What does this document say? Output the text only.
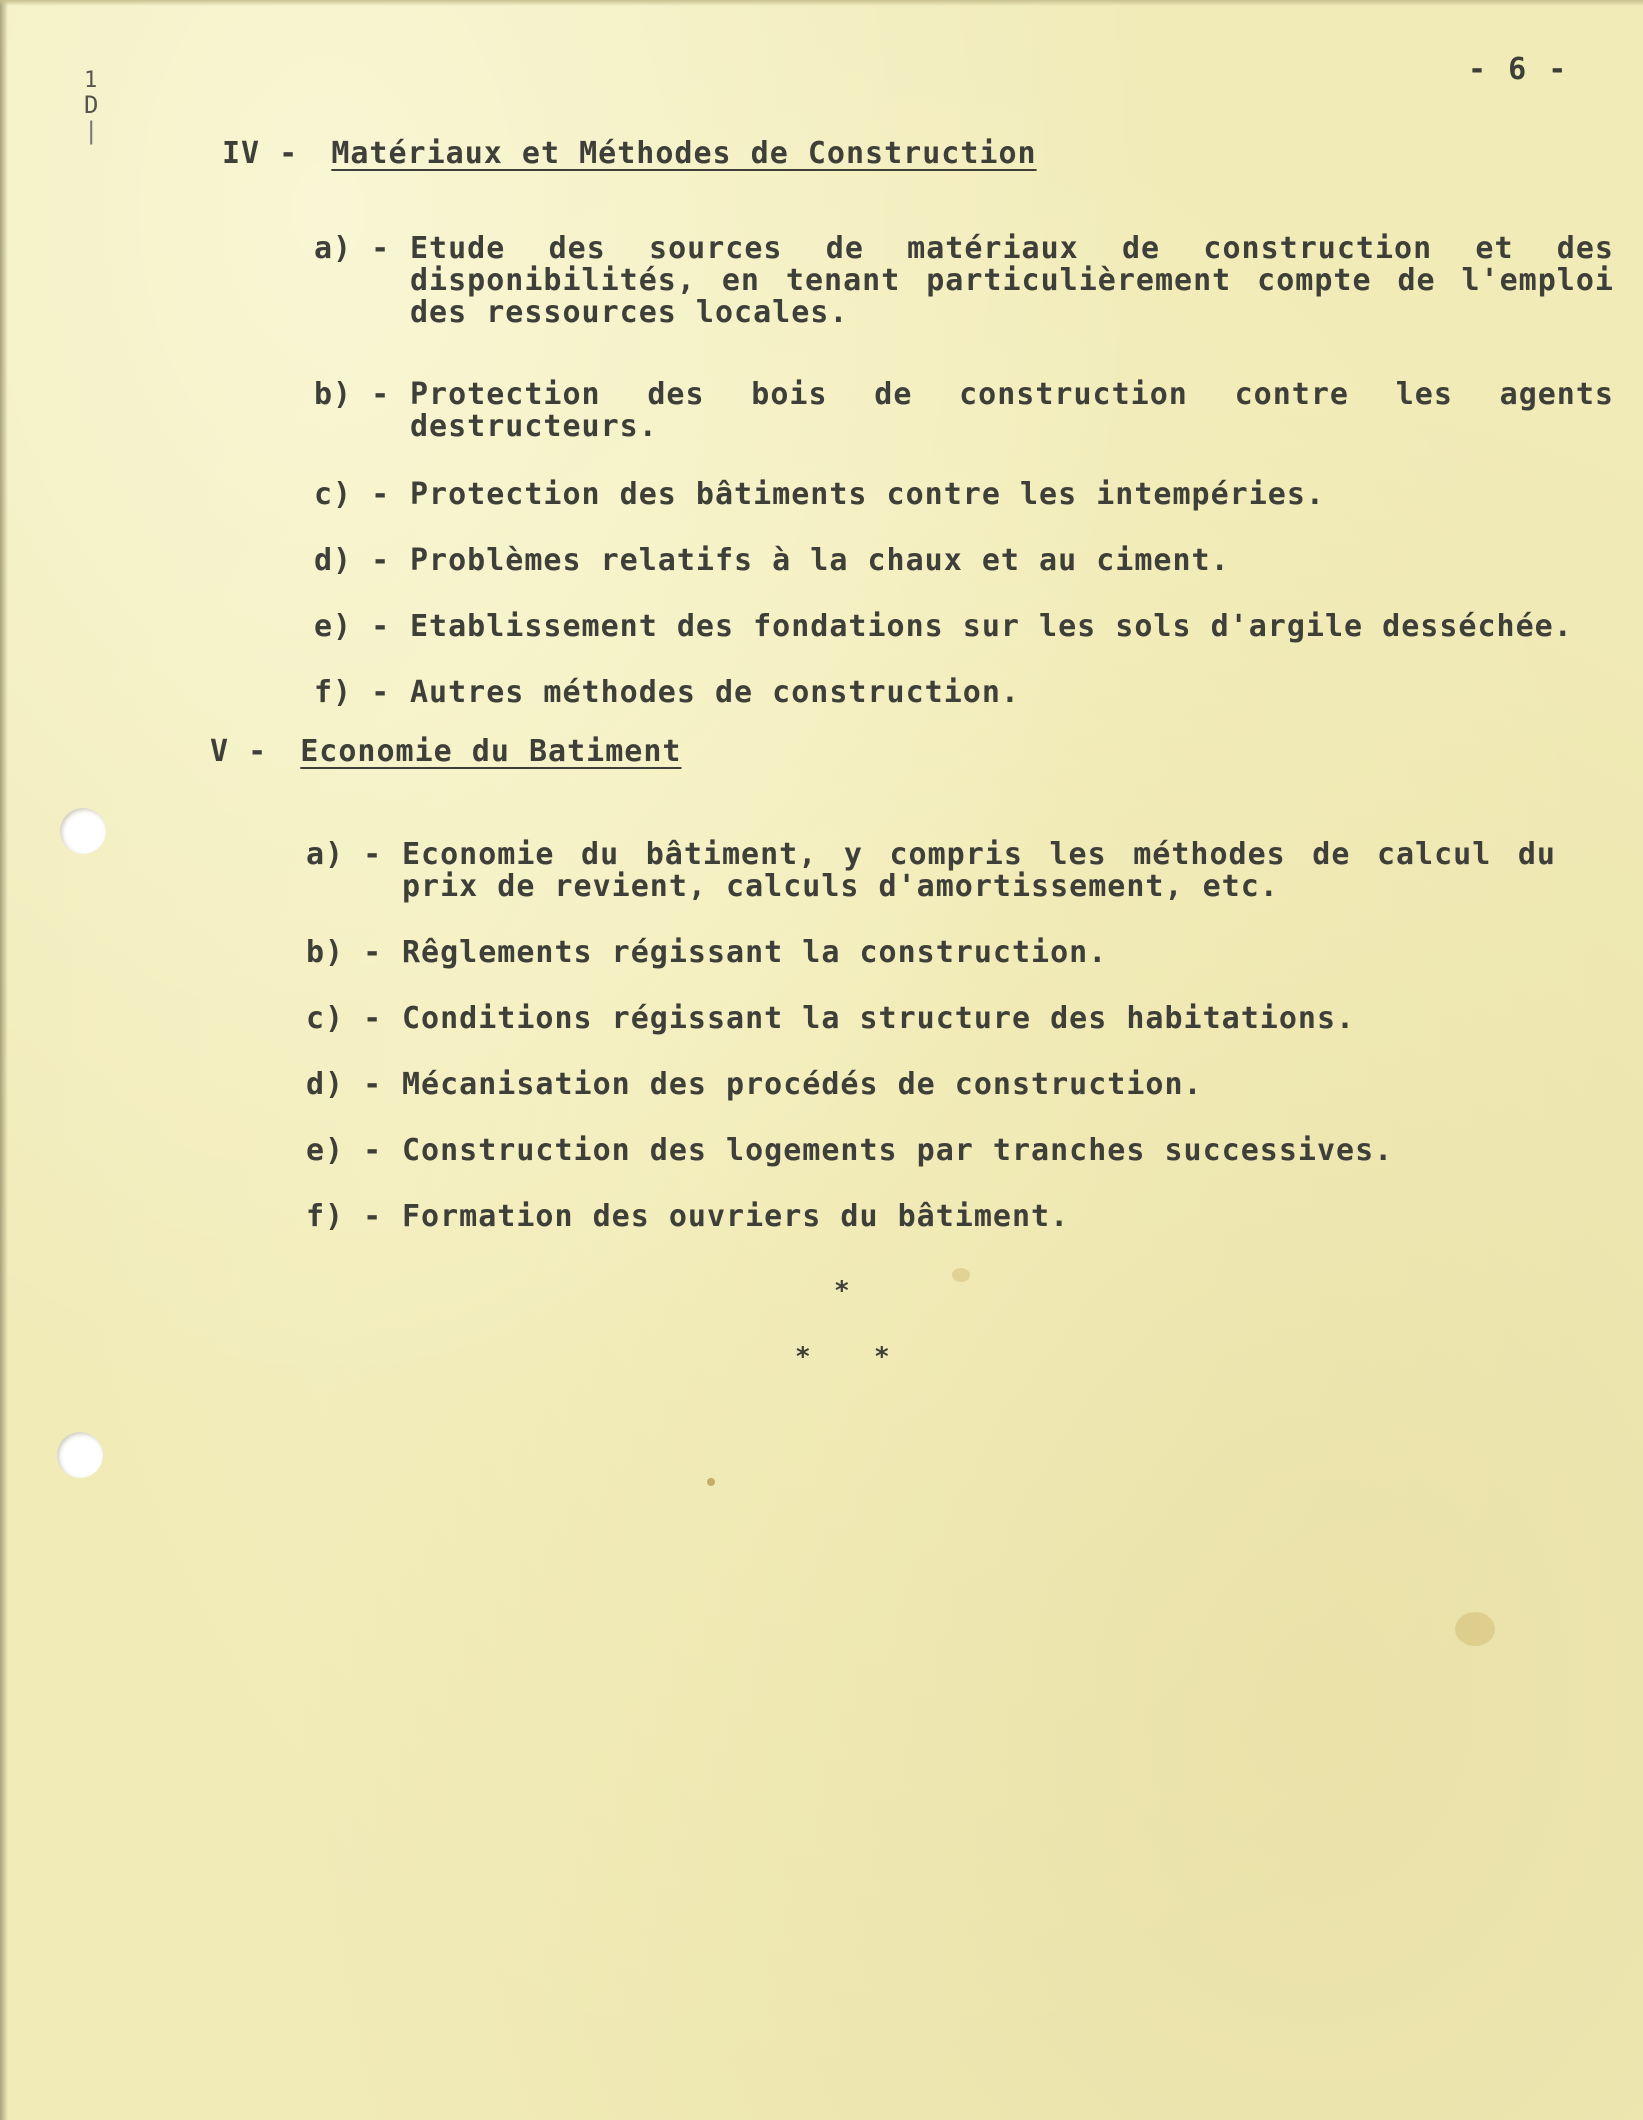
1
D
|
- 6 -
IV - Matériaux et Méthodes de Construction
a) - Etude des sources de matériaux de construction et des disponibilités, en tenant particulièrement compte de l'emploi des ressources locales.
b) - Protection des bois de construction contre les agents destructeurs.
c) - Protection des bâtiments contre les intempéries.
d) - Problèmes relatifs à la chaux et au ciment.
e) - Etablissement des fondations sur les sols d'argile desséchée.
f) - Autres méthodes de construction.
V - Economie du Batiment
a) - Economie du bâtiment, y compris les méthodes de calcul du prix de revient, calculs d'amortissement, etc.
b) - Rêglements régissant la construction.
c) - Conditions régissant la structure des habitations.
d) - Mécanisation des procédés de construction.
e) - Construction des logements par tranches successives.
f) - Formation des ouvriers du bâtiment.
*
* *
